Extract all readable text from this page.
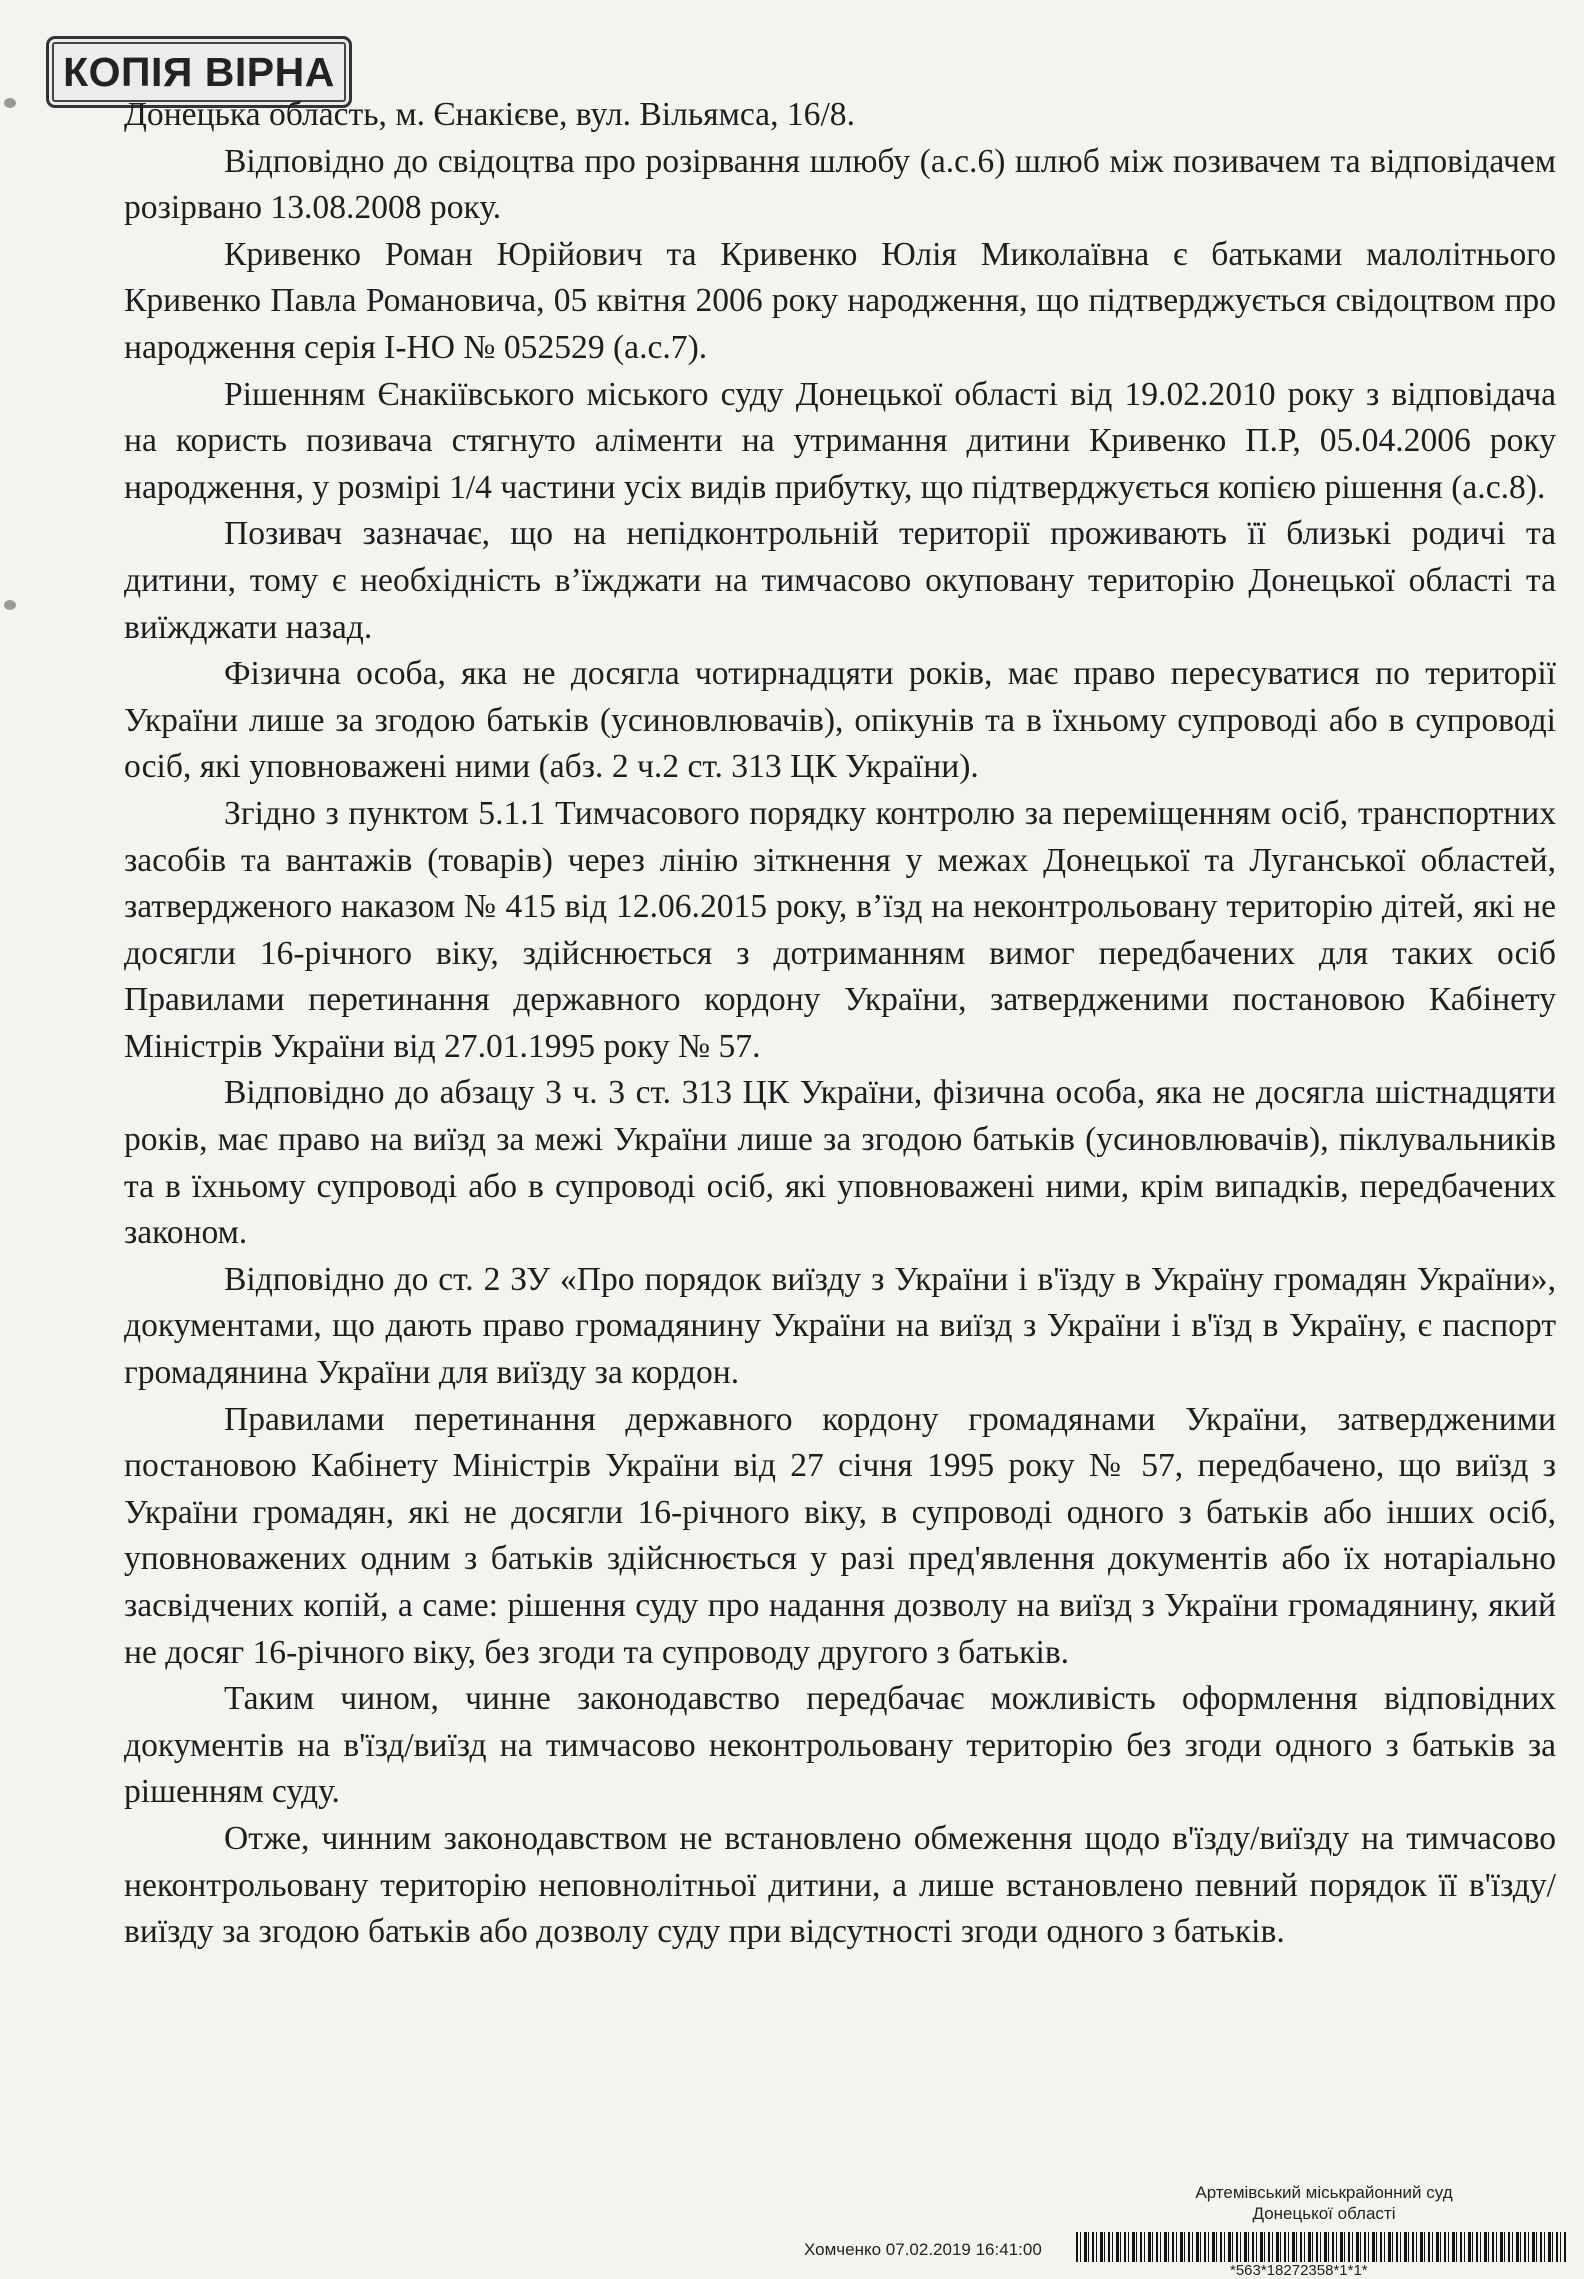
КОПІЯ ВІРНА

Донецька область, м. Єнакієве, вул. Вільямса, 16/8.

Відповідно до свідоцтва про розірвання шлюбу (а.с.6) шлюб між позивачем та відповідачем розірвано 13.08.2008 року.

Кривенко Роман Юрійович та Кривенко Юлія Миколаївна є батьками малолітнього Кривенко Павла Романовича, 05 квітня 2006 року народження, що підтверджується свідоцтвом про народження серія І-НО № 052529 (а.с.7).

Рішенням Єнакіївського міського суду Донецької області від 19.02.2010 року з відповідача на користь позивача стягнуто аліменти на утримання дитини Кривенко П.Р, 05.04.2006 року народження, у розмірі 1/4 частини усіх видів прибутку, що підтверджується копією рішення (а.с.8).

Позивач зазначає, що на непідконтрольній території проживають її близькі родичі та дитини, тому є необхідність в’їжджати на тимчасово окуповану територію Донецької області та виїжджати назад.

Фізична особа, яка не досягла чотирнадцяти років, має право пересуватися по території України лише за згодою батьків (усиновлювачів), опікунів та в їхньому супроводі або в супроводі осіб, які уповноважені ними (абз. 2 ч.2 ст. 313 ЦК України).

Згідно з пунктом 5.1.1 Тимчасового порядку контролю за переміщенням осіб, транспортних засобів та вантажів (товарів) через лінію зіткнення у межах Донецької та Луганської областей, затвердженого наказом № 415 від 12.06.2015 року, в’їзд на неконтрольовану територію дітей, які не досягли 16-річного віку, здійснюється з дотриманням вимог передбачених для таких осіб Правилами перетинання державного кордону України, затвердженими постановою Кабінету Міністрів України від 27.01.1995 року № 57.

Відповідно до абзацу 3 ч. 3 ст. 313 ЦК України, фізична особа, яка не досягла шістнадцяти років, має право на виїзд за межі України лише за згодою батьків (усиновлювачів), піклувальників та в їхньому супроводі або в супроводі осіб, які уповноважені ними, крім випадків, передбачених законом.

Відповідно до ст. 2 ЗУ «Про порядок виїзду з України і в'їзду в Україну громадян України», документами, що дають право громадянину України на виїзд з України і в'їзд в Україну, є паспорт громадянина України для виїзду за кордон.

Правилами перетинання державного кордону громадянами України, затвердженими постановою Кабінету Міністрів України від 27 січня 1995 року № 57, передбачено, що виїзд з України громадян, які не досягли 16-річного віку, в супроводі одного з батьків або інших осіб, уповноважених одним з батьків здійснюється у разі пред'явлення документів або їх нотаріально засвідчених копій, а саме: рішення суду про надання дозволу на виїзд з України громадянину, який не досяг 16-річного віку, без згоди та супроводу другого з батьків.

Таким чином, чинне законодавство передбачає можливість оформлення відповідних документів на в'їзд/виїзд на тимчасово неконтрольовану територію без згоди одного з батьків за рішенням суду.

Отже, чинним законодавством не встановлено обмеження щодо в'їзду/виїзду на тимчасово неконтрольовану територію неповнолітньої дитини, а лише встановлено певний порядок її в'їзду/виїзду за згодою батьків або дозволу суду при відсутності згоди одного з батьків.

Артемівський міськрайонний суд
Донецької області
Хомченко 07.02.2019 16:41:00
*563*18272358*1*1*
